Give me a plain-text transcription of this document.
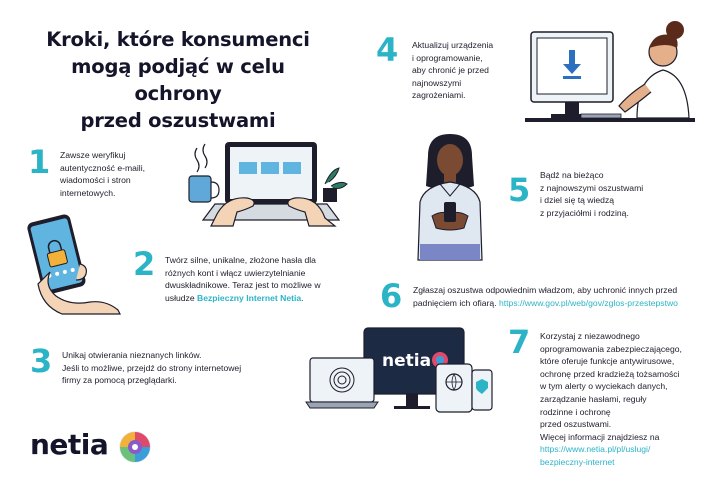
Kroki, które konsumenci
mogą podjąć w celu ochrony
przed oszustwami
1 Zawsze weryfikuj
autentyczność e-maili,
wiadomości i stron
internetowych.
2 Twórz silne, unikalne, złożone hasła dla
różnych kont i włącz uwierzytelnianie
dwuskładnikowe. Teraz jest to możliwe w
usłudze Bezpieczny Internet Netia.
3 Unikaj otwierania nieznanych linków.
Jeśli to możliwe, przejdź do strony internetowej
firmy za pomocą przeglądarki.
4 Aktualizuj urządzenia
i oprogramowanie,
aby chronić je przed
najnowszymi
zagrożeniami.
5 Bądź na bieżąco
z najnowszymi oszustwami
i dziel się tą wiedzą
z przyjaciółmi i rodziną.
6 Zgłaszaj oszustwa odpowiednim władzom, aby uchronić innych przed
padnięciem ich ofiarą. https://www.gov.pl/web/gov/zglos-przestepstwo
netia 7 Korzystaj z niezawodnego
oprogramowania zabezpieczającego,
które oferuje funkcje antywirusowe,
ochronę przed kradzieżą tożsamości
w tym alerty o wyciekach danych,
zarządzanie hasłami, reguły
rodzinne i ochronę
przed oszustwami.
Więcej informacji znajdziesz na
https://www.netia.pl/pl/uslugi/
bezpieczny-internet
netia
